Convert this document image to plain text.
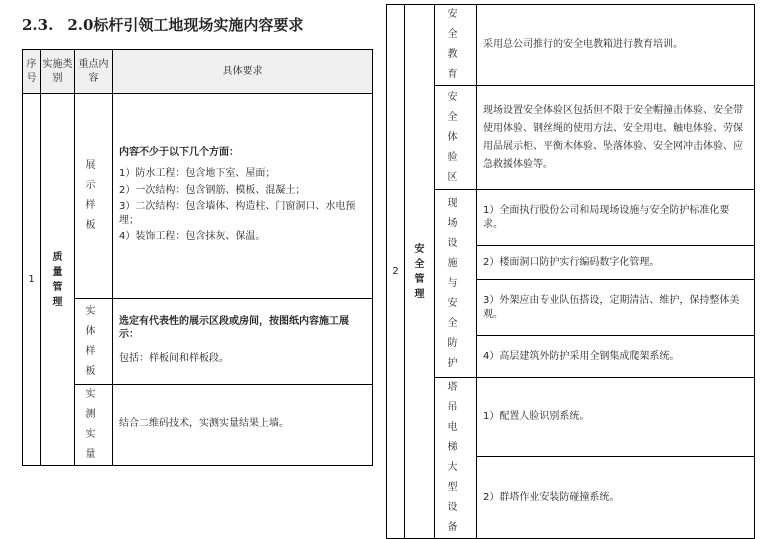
2.3. 2.0标杆引领工地现场实施内容要求
序号	实施类别	重点内容	具体要求
1	质量管理	展示样板	内容不少于以下几个方面：

1）防水工程：包含地下室、屋面；

2）一次结构：包含钢筋、模板、混凝土；

3）二次结构：包含墙体、构造柱、门窗洞口、水电预埋；

4）装饰工程：包含抹灰、保温。

		实体样板	选定有代表性的展示区段或房间，按图纸内容施工展示：

包括：样板间和样板段。

		实测实量	结合二维码技术，实测实量结果上墙。

2	安全管理	安全教育	采用总公司推行的安全电教箱进行教育培训。
		安全体验区	现场设置安全体验区包括但不限于安全帽撞击体验、安全带使用体验、钢丝绳的使用方法、安全用电、触电体验、劳保用品展示柜、平衡木体验、坠落体验、安全网冲击体验、应急救援体验等。
		现场设施与安全防护	1）全面执行股份公司和局现场设施与安全防护标准化要求。
			2）楼面洞口防护实行编码数字化管理。
			3）外架应由专业队伍搭设，定期清洁、维护，保持整体美观。
			4）高层建筑外防护采用全钢集成爬架系统。
		塔吊电梯大型设备	1）配置人脸识别系统。
			2）群塔作业安装防碰撞系统。
